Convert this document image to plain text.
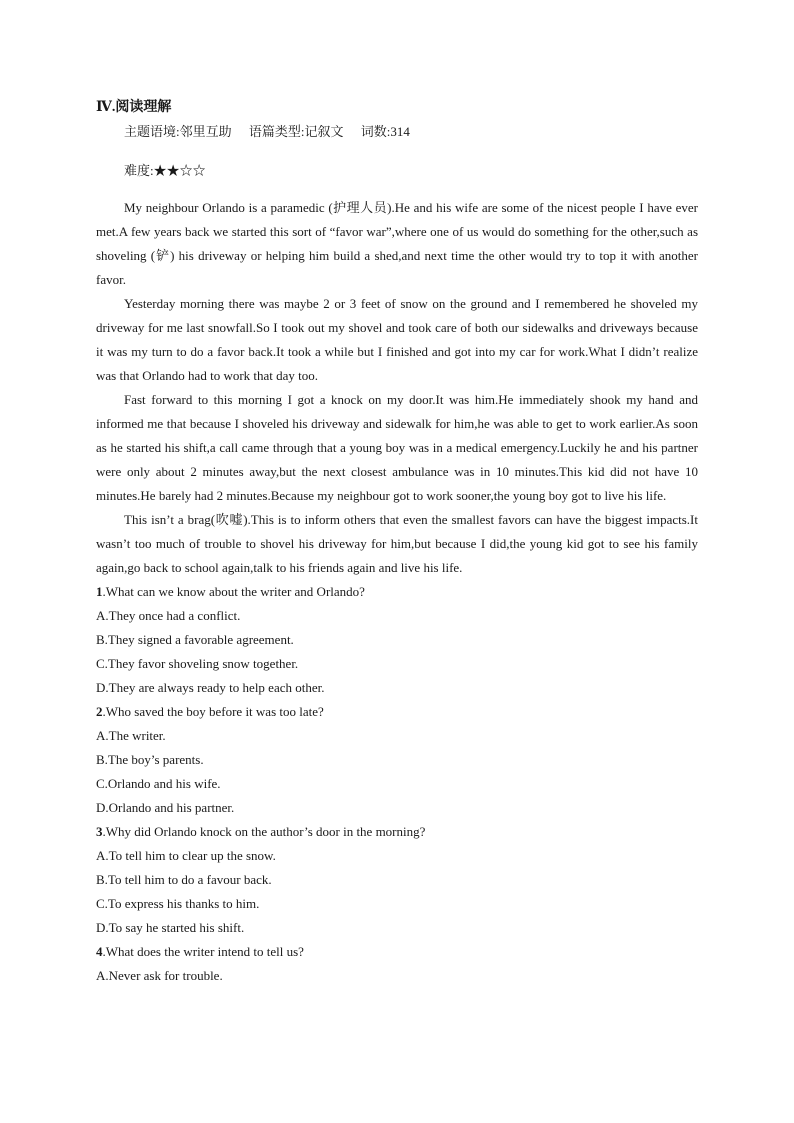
Ⅳ.阅读理解
主题语境:邻里互助 语篇类型:记叙文 词数:314
难度:★★☆☆

My neighbour Orlando is a paramedic (护理人员).He and his wife are some of the nicest people I have ever met.A few years back we started this sort of “favor war”,where one of us would do something for the other,such as shoveling (铲) his driveway or helping him build a shed,and next time the other would try to top it with another favor.

Yesterday morning there was maybe 2 or 3 feet of snow on the ground and I remembered he shoveled my driveway for me last snowfall.So I took out my shovel and took care of both our sidewalks and driveways because it was my turn to do a favor back.It took a while but I finished and got into my car for work.What I didn’t realize was that Orlando had to work that day too.

Fast forward to this morning I got a knock on my door.It was him.He immediately shook my hand and informed me that because I shoveled his driveway and sidewalk for him,he was able to get to work earlier.As soon as he started his shift,a call came through that a young boy was in a medical emergency.Luckily he and his partner were only about 2 minutes away,but the next closest ambulance was in 10 minutes.This kid did not have 10 minutes.He barely had 2 minutes.Because my neighbour got to work sooner,the young boy got to live his life.

This isn’t a brag(吹嘘).This is to inform others that even the smallest favors can have the biggest impacts.It wasn’t too much of trouble to shovel his driveway for him,but because I did,the young kid got to see his family again,go back to school again,talk to his friends again and live his life.

1.What can we know about the writer and Orlando?

A.They once had a conflict.

B.They signed a favorable agreement.

C.They favor shoveling snow together.

D.They are always ready to help each other.

2.Who saved the boy before it was too late?

A.The writer.

B.The boy’s parents.

C.Orlando and his wife.

D.Orlando and his partner.

3.Why did Orlando knock on the author’s door in the morning?

A.To tell him to clear up the snow.

B.To tell him to do a favour back.

C.To express his thanks to him.

D.To say he started his shift.

4.What does the writer intend to tell us?

A.Never ask for trouble.
